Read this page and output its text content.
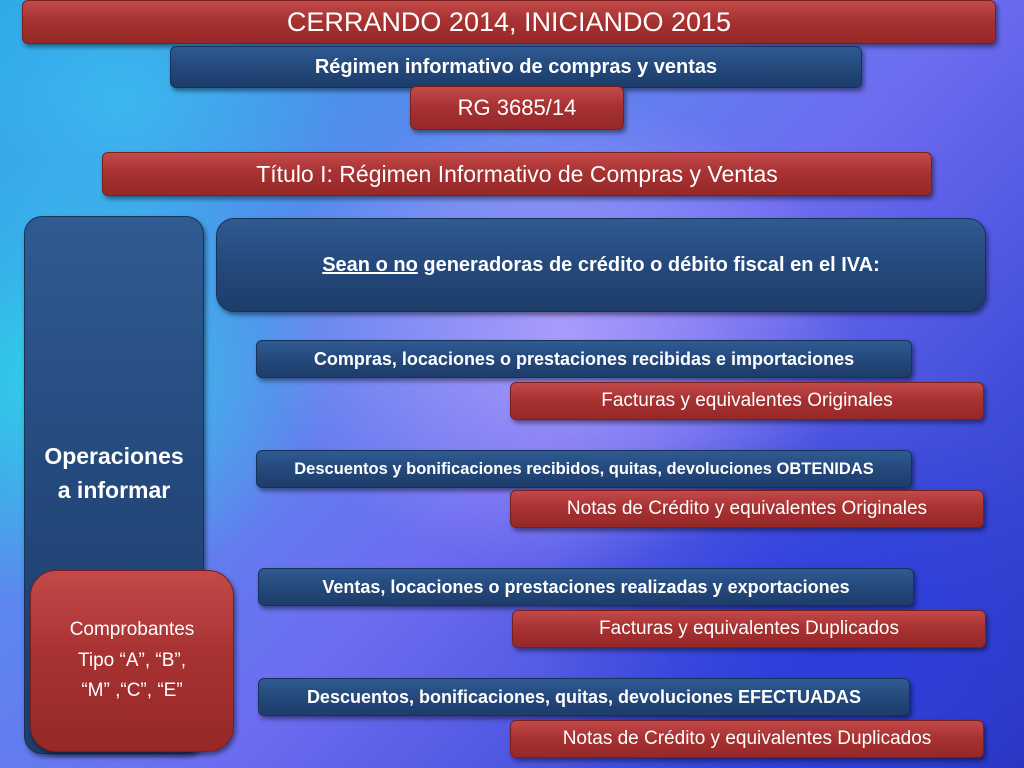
CERRANDO 2014, INICIANDO 2015
Régimen informativo de compras y ventas
RG 3685/14
Título I: Régimen Informativo de Compras y Ventas
Operaciones
a informar
Comprobantes
Tipo “A”, “B”,
“M” ,“C”, “E”
Sean o no generadoras de crédito o débito fiscal en el IVA:
Compras, locaciones o prestaciones recibidas e importaciones
Facturas y equivalentes Originales
Descuentos y bonificaciones recibidos, quitas, devoluciones OBTENIDAS
Notas de Crédito y equivalentes Originales
Ventas, locaciones o prestaciones realizadas y exportaciones
Facturas y equivalentes Duplicados
Descuentos, bonificaciones, quitas, devoluciones EFECTUADAS
Notas de Crédito y equivalentes Duplicados
